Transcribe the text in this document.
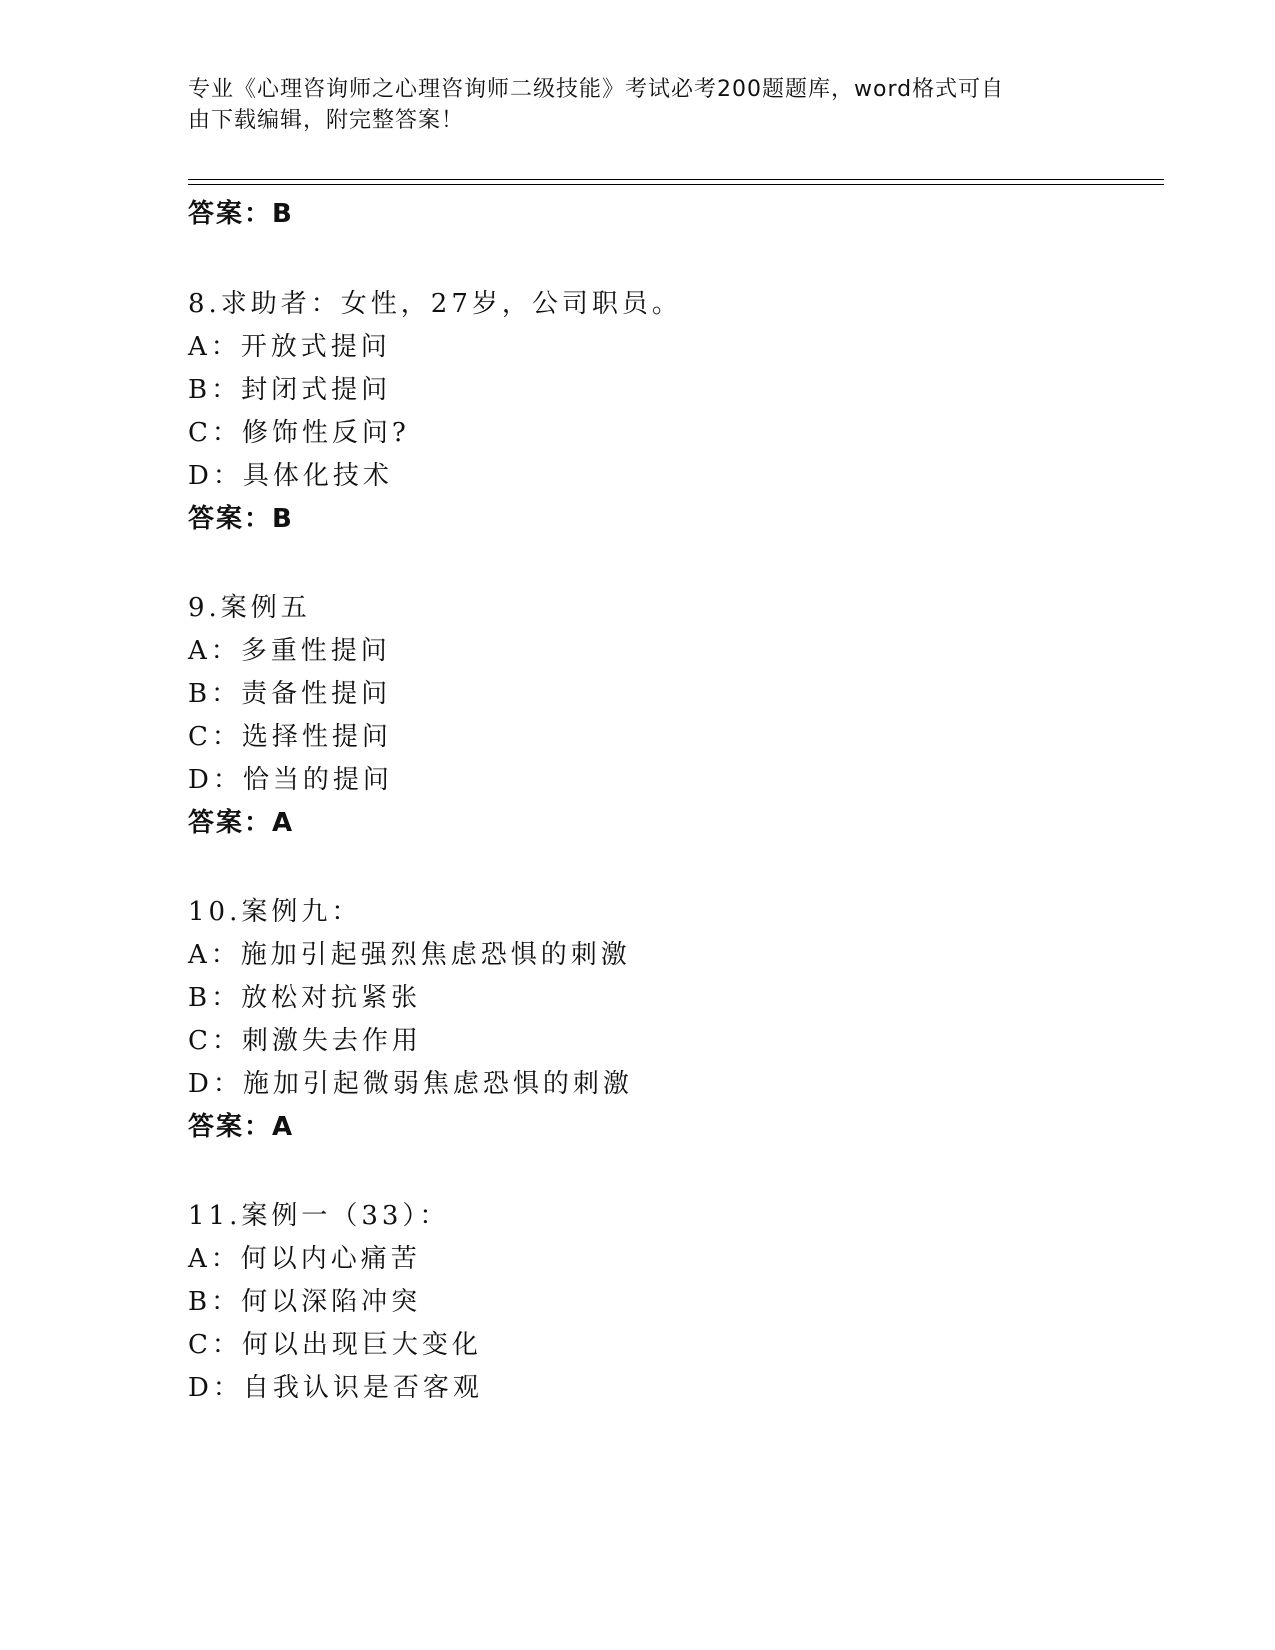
专业《心理咨询师之心理咨询师二级技能》考试必考200题题库，word格式可自
由下载编辑，附完整答案！
答案：B
8.求助者：女性，27岁，公司职员。
A：开放式提问
B：封闭式提问
C：修饰性反问?
D：具体化技术
答案：B
9.案例五
A：多重性提问
B：责备性提问
C：选择性提问
D：恰当的提问
答案：A
10.案例九：
A：施加引起强烈焦虑恐惧的刺激
B：放松对抗紧张
C：刺激失去作用
D：施加引起微弱焦虑恐惧的刺激
答案：A
11.案例一（33）：
A：何以内心痛苦
B：何以深陷冲突
C：何以出现巨大变化
D：自我认识是否客观
